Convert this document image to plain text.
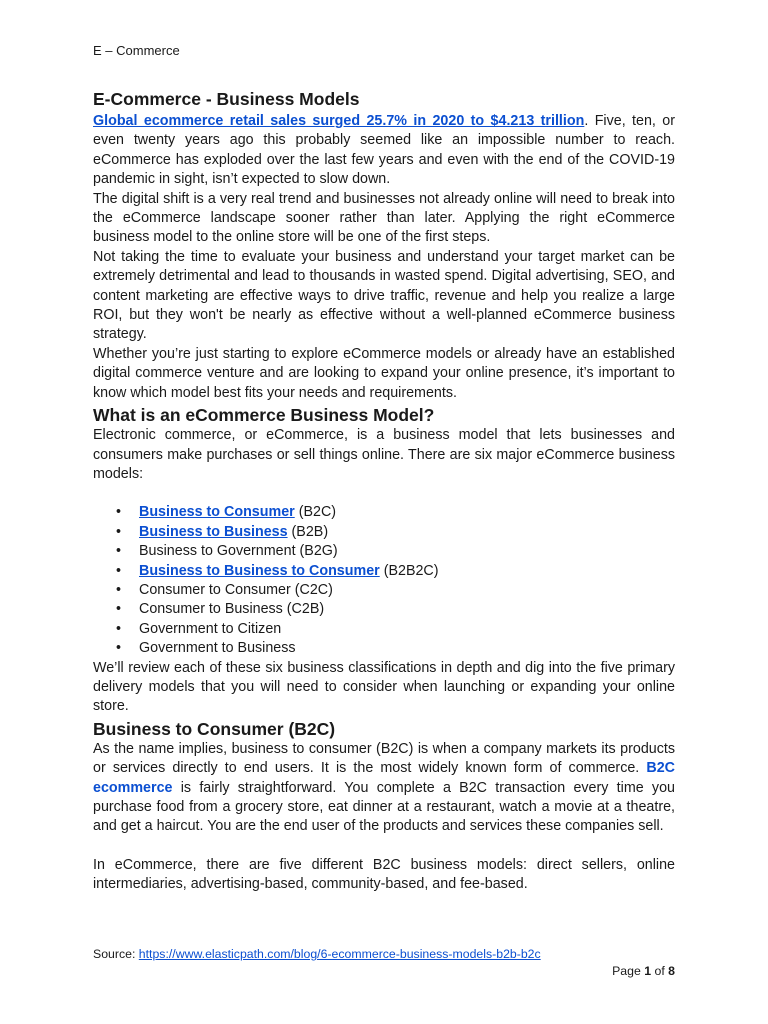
E – Commerce
E-Commerce - Business Models

Global ecommerce retail sales surged 25.7% in 2020 to $4.213 trillion. Five, ten, or even twenty years ago this probably seemed like an impossible number to reach. eCommerce has exploded over the last few years and even with the end of the COVID-19 pandemic in sight, isn’t expected to slow down.

The digital shift is a very real trend and businesses not already online will need to break into the eCommerce landscape sooner rather than later. Applying the right eCommerce business model to the online store will be one of the first steps.

Not taking the time to evaluate your business and understand your target market can be extremely detrimental and lead to thousands in wasted spend. Digital advertising, SEO, and content marketing are effective ways to drive traffic, revenue and help you realize a large ROI, but they won't be nearly as effective without a well-planned eCommerce business strategy.

Whether you’re just starting to explore eCommerce models or already have an established digital commerce venture and are looking to expand your online presence, it’s important to know which model best fits your needs and requirements.

What is an eCommerce Business Model?

Electronic commerce, or eCommerce, is a business model that lets businesses and consumers make purchases or sell things online. There are six major eCommerce business models:

• Business to Consumer (B2C)
• Business to Business (B2B)
• Business to Government (B2G)
• Business to Business to Consumer (B2B2C)
• Consumer to Consumer (C2C)
• Consumer to Business (C2B)
• Government to Citizen
• Government to Business

We’ll review each of these six business classifications in depth and dig into the five primary delivery models that you will need to consider when launching or expanding your online store.

Business to Consumer (B2C)

As the name implies, business to consumer (B2C) is when a company markets its products or services directly to end users. It is the most widely known form of commerce. B2C ecommerce is fairly straightforward. You complete a B2C transaction every time you purchase food from a grocery store, eat dinner at a restaurant, watch a movie at a theatre, and get a haircut. You are the end user of the products and services these companies sell.

In eCommerce, there are five different B2C business models: direct sellers, online intermediaries, advertising-based, community-based, and fee-based.

Source: https://www.elasticpath.com/blog/6-ecommerce-business-models-b2b-b2c
Page 1 of 8
